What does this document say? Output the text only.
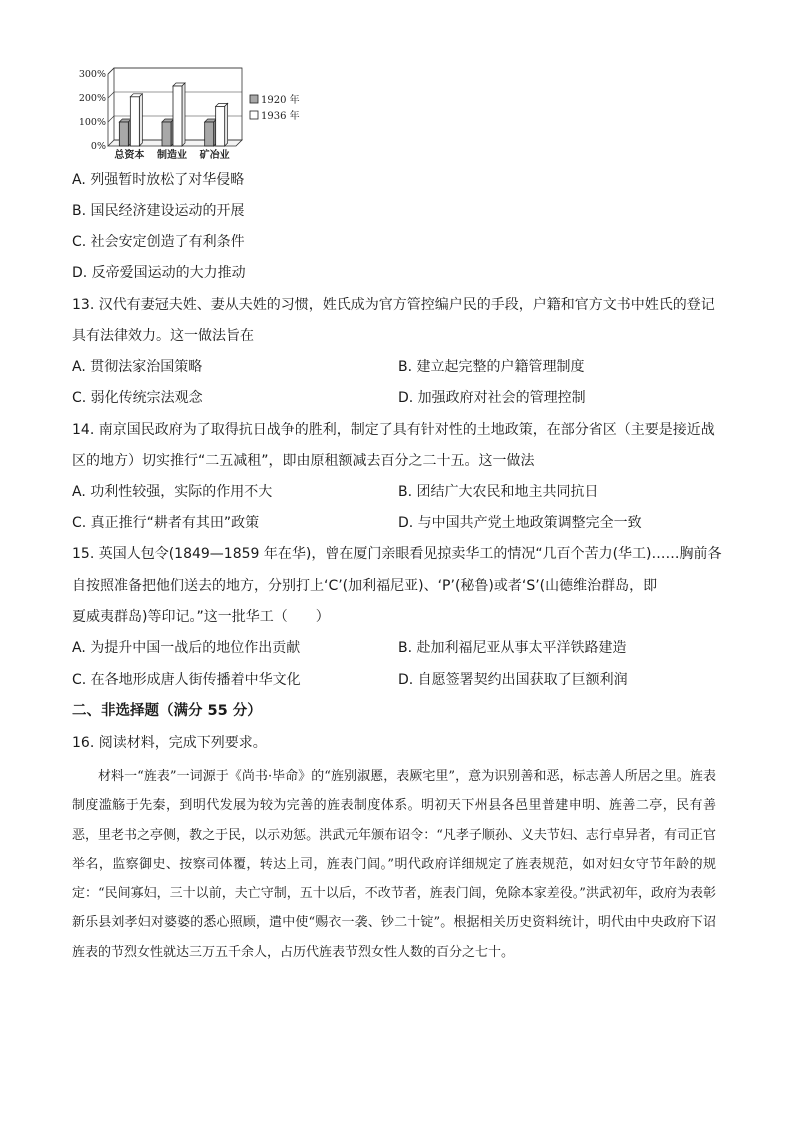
0%
100%
200%
300%
总资本 制造业 矿冶业
1920 年
1936 年
A. 列强暂时放松了对华侵略
B. 国民经济建设运动的开展
C. 社会安定创造了有利条件
D. 反帝爱国运动的大力推动
13. 汉代有妻冠夫姓、妻从夫姓的习惯，姓氏成为官方管控编户民的手段，户籍和官方文书中姓氏的登记
具有法律效力。这一做法旨在
A. 贯彻法家治国策略	B. 建立起完整的户籍管理制度
C. 弱化传统宗法观念	D. 加强政府对社会的管理控制
14. 南京国民政府为了取得抗日战争的胜利，制定了具有针对性的土地政策，在部分省区（主要是接近战
区的地方）切实推行“二五减租”，即由原租额减去百分之二十五。这一做法
A. 功利性较强，实际的作用不大	B. 团结广大农民和地主共同抗日
C. 真正推行“耕者有其田”政策	D. 与中国共产党土地政策调整完全一致
15. 英国人包令(1849—1859 年在华)，曾在厦门亲眼看见掠卖华工的情况“几百个苦力(华工)……胸前各
自按照准备把他们送去的地方，分别打上‘C’(加利福尼亚)、‘P’(秘鲁)或者‘S’(山德维治群岛，即
夏威夷群岛)等印记。”这一批华工（　　）
A. 为提升中国一战后的地位作出贡献	B. 赴加利福尼亚从事太平洋铁路建造
C. 在各地形成唐人街传播着中华文化	D. 自愿签署契约出国获取了巨额利润
二、非选择题（满分 55 分）
16. 阅读材料，完成下列要求。

材料一“旌表”一词源于《尚书·毕命》的“旌别淑慝，表厥宅里”，意为识别善和恶，标志善人所居之里。旌表制度滥觞于先秦，到明代发展为较为完善的旌表制度体系。明初天下州县各邑里普建申明、旌善二亭，民有善恶，里老书之亭侧，教之于民，以示劝惩。洪武元年颁布诏令：“凡孝子顺孙、义夫节妇、志行卓异者，有司正官举名，监察御史、按察司体覆，转达上司，旌表门闾。”明代政府详细规定了旌表规范，如对妇女守节年龄的规定：“民间寡妇，三十以前，夫亡守制，五十以后，不改节者，旌表门闾，免除本家差役。”洪武初年，政府为表彰新乐县刘孝妇对婆婆的悉心照顾，遣中使“赐衣一袭、钞二十锭”。根据相关历史资料统计，明代由中央政府下诏旌表的节烈女性就达三万五千余人，占历代旌表节烈女性人数的百分之七十。
